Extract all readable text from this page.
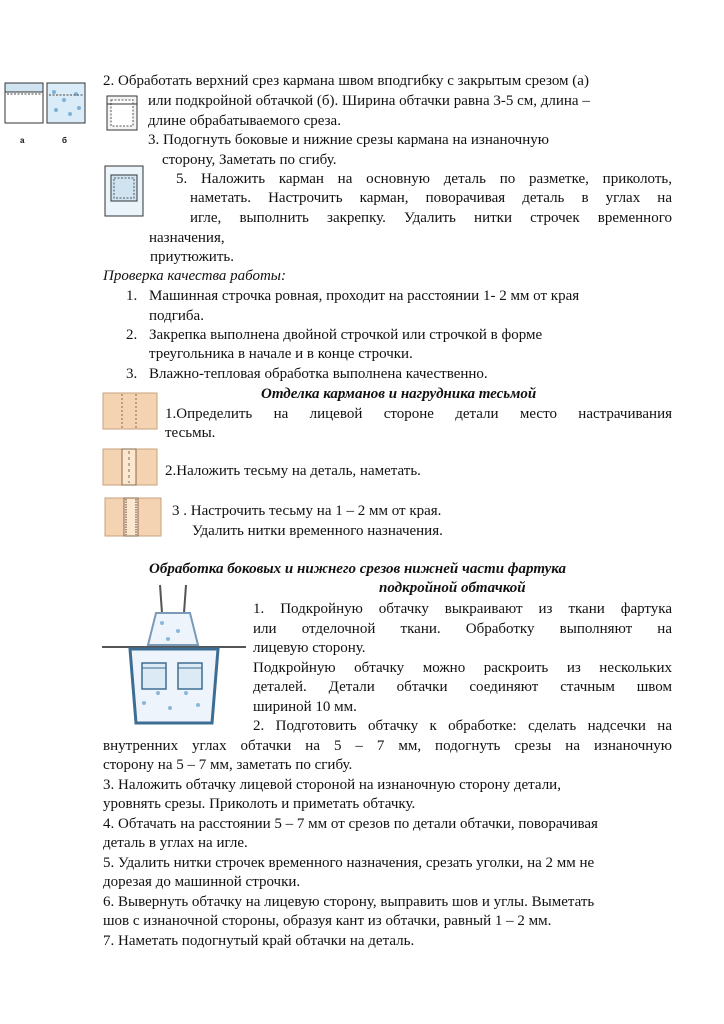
а	б
2. Обработать верхний срез кармана швом вподгибку с закрытым срезом (а)
или подкройной обтачкой (б). Ширина обтачки равна 3-5 см, длина –
длине обрабатываемого среза.
3. Подогнуть боковые и нижние срезы кармана на изнаночную
сторону, Заметать по сгибу.
5. Наложить карман на основную деталь по разметке, приколоть,
наметать. Настрочить карман, поворачивая деталь в углах на
игле, выполнить закрепку. Удалить нитки строчек временного
назначения,
приутюжить.
Проверка качества работы:
1. Машинная строчка ровная, проходит на расстоянии 1- 2 мм от края
подгиба.
2. Закрепка выполнена двойной строчкой или строчкой в форме
треугольника в начале и в конце строчки.
3. Влажно-тепловая обработка выполнена качественно.
Отделка карманов и нагрудника тесьмой
1.Определить на лицевой стороне детали место настрачивания
тесьмы.
2.Наложить тесьму на деталь, наметать.
3 . Настрочить тесьму на 1 – 2 мм от края.
Удалить нитки временного назначения.
Обработка боковых и нижнего срезов нижней части фартука
подкройной обтачкой
1. Подкройную обтачку выкраивают из ткани фартука
или отделочной ткани. Обработку выполняют на
лицевую сторону.
Подкройную обтачку можно раскроить из нескольких
деталей. Детали обтачки соединяют стачным швом
шириной 10 мм.
2. Подготовить обтачку к обработке: сделать надсечки на
внутренних углах обтачки на 5 – 7 мм, подогнуть срезы на изнаночную
сторону на 5 – 7 мм, заметать по сгибу.
3. Наложить обтачку лицевой стороной на изнаночную сторону детали,
уровнять срезы. Приколоть и приметать обтачку.
4. Обтачать на расстоянии 5 – 7 мм от срезов по детали обтачки, поворачивая
деталь в углах на игле.
5. Удалить нитки строчек временного назначения, срезать уголки, на 2 мм не
дорезая до машинной строчки.
6. Вывернуть обтачку на лицевую сторону, выправить шов и углы. Выметать
шов с изнаночной стороны, образуя кант из обтачки, равный 1 – 2 мм.
7. Наметать подогнутый край обтачки на деталь.
